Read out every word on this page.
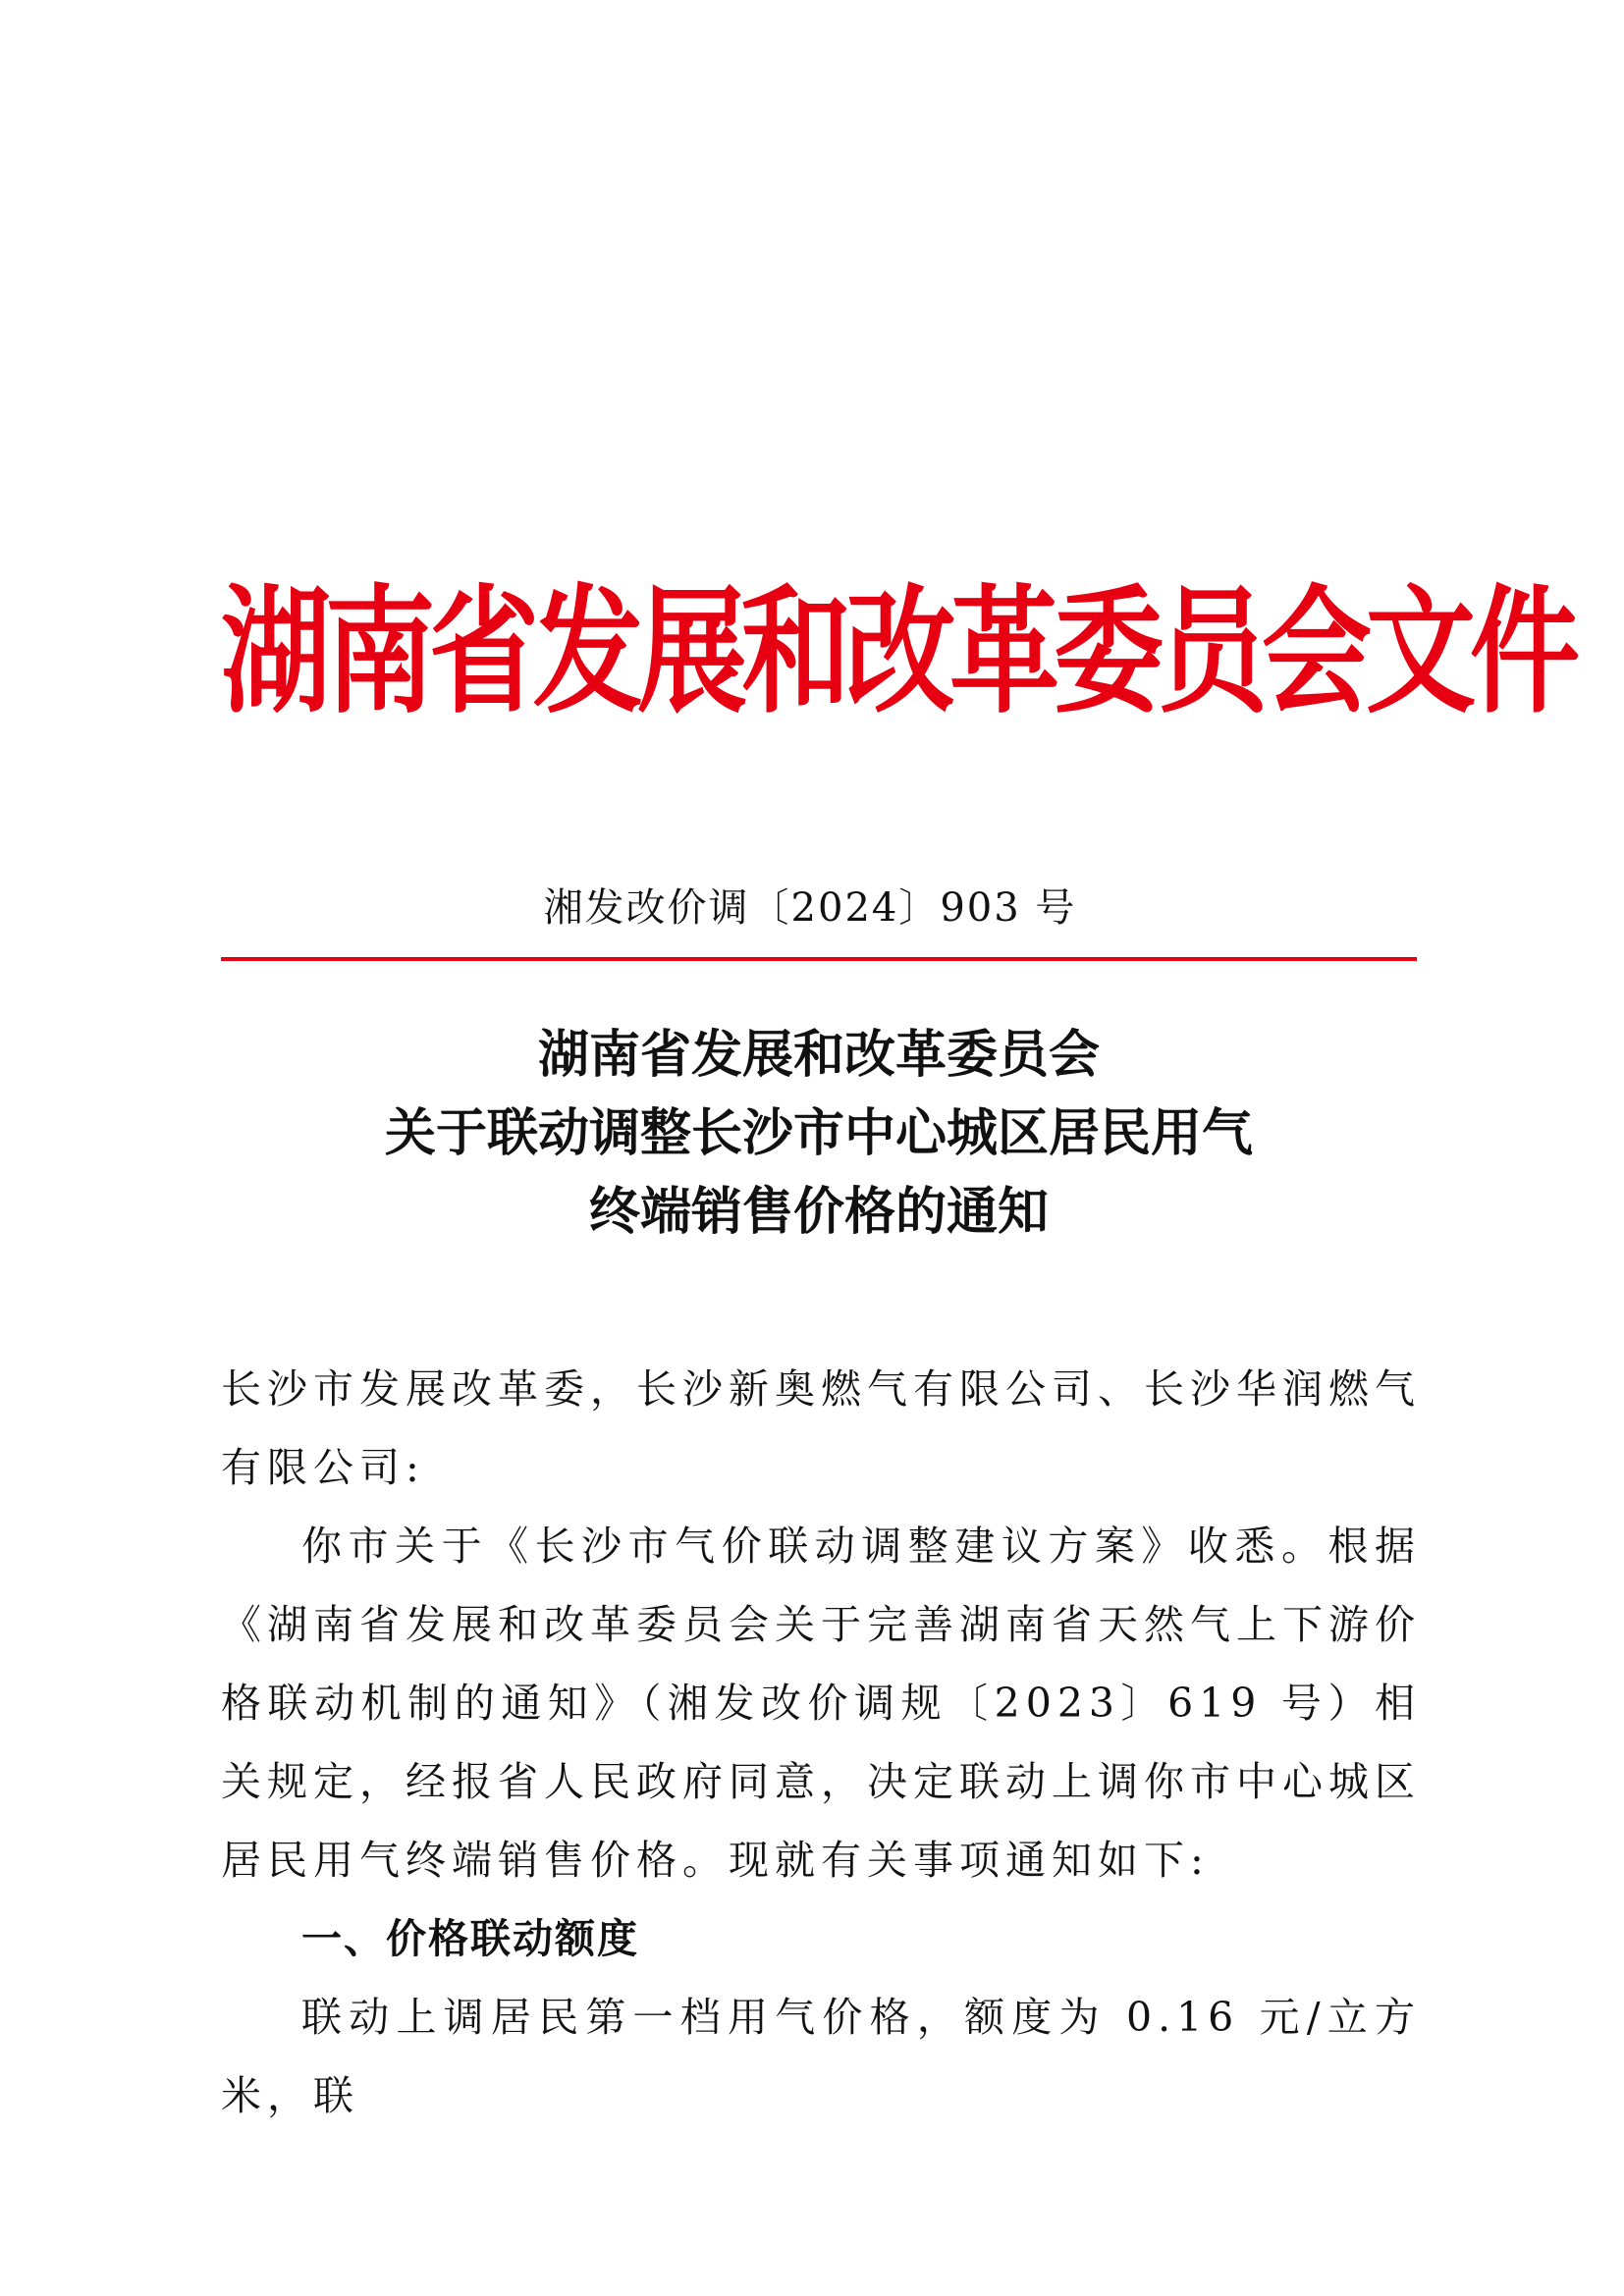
湖南省发展和改革委员会文件
湘发改价调〔2024〕903 号
湖南省发展和改革委员会
关于联动调整长沙市中心城区居民用气
终端销售价格的通知

长沙市发展改革委，长沙新奥燃气有限公司、长沙华润燃气有限公司:

你市关于《长沙市气价联动调整建议方案》收悉。根据《湖南省发展和改革委员会关于完善湖南省天然气上下游价格联动机制的通知》（湘发改价调规〔2023〕619 号）相关规定，经报省人民政府同意，决定联动上调你市中心城区居民用气终端销售价格。现就有关事项通知如下:

一、价格联动额度

联动上调居民第一档用气价格，额度为 0.16 元/立方米，联
